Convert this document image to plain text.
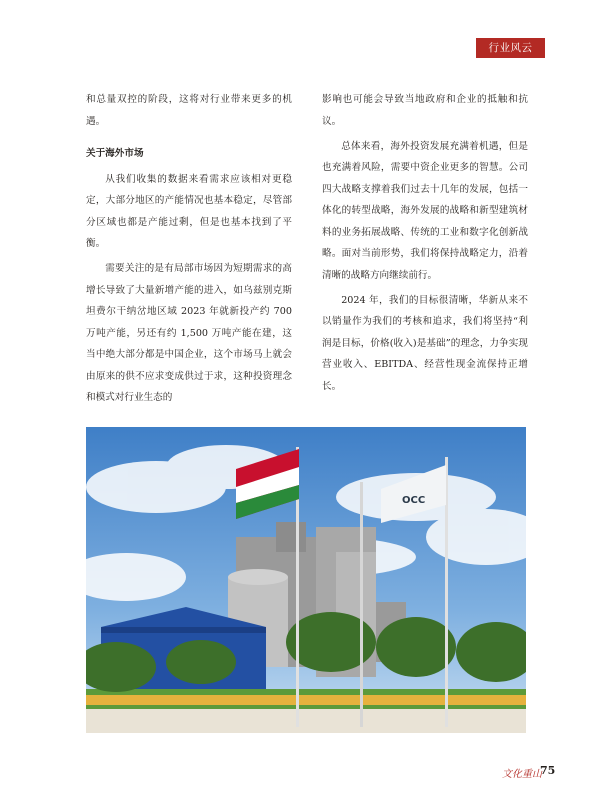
行业风云

和总量双控的阶段，这将对行业带来更多的机遇。

关于海外市场

从我们收集的数据来看需求应该相对更稳定，大部分地区的产能情况也基本稳定，尽管部分区域也都是产能过剩，但是也基本找到了平衡。

需要关注的是有局部市场因为短期需求的高增长导致了大量新增产能的进入，如乌兹别克斯坦费尔干纳岔地区域 2023 年就新投产约 700 万吨产能，另还有约 1,500 万吨产能在建，这当中绝大部分都是中国企业，这个市场马上就会由原来的供不应求变成供过于求，这种投资理念和模式对行业生态的

影响也可能会导致当地政府和企业的抵触和抗议。

总体来看，海外投资发展充满着机遇，但是也充满着风险，需要中资企业更多的智慧。公司四大战略支撑着我们过去十几年的发展，包括一体化的转型战略，海外发展的战略和新型建筑材料的业务拓展战略、传统的工业和数字化创新战略。面对当前形势，我们将保持战略定力，沿着清晰的战略方向继续前行。

2024 年，我们的目标很清晰，华新从来不以销量作为我们的考核和追求，我们将坚持“利润是目标，价格(收入)是基础”的理念，力争实现营业收入、EBITDA、经营性现金流保持正增长。

OCC
文化重山
75
